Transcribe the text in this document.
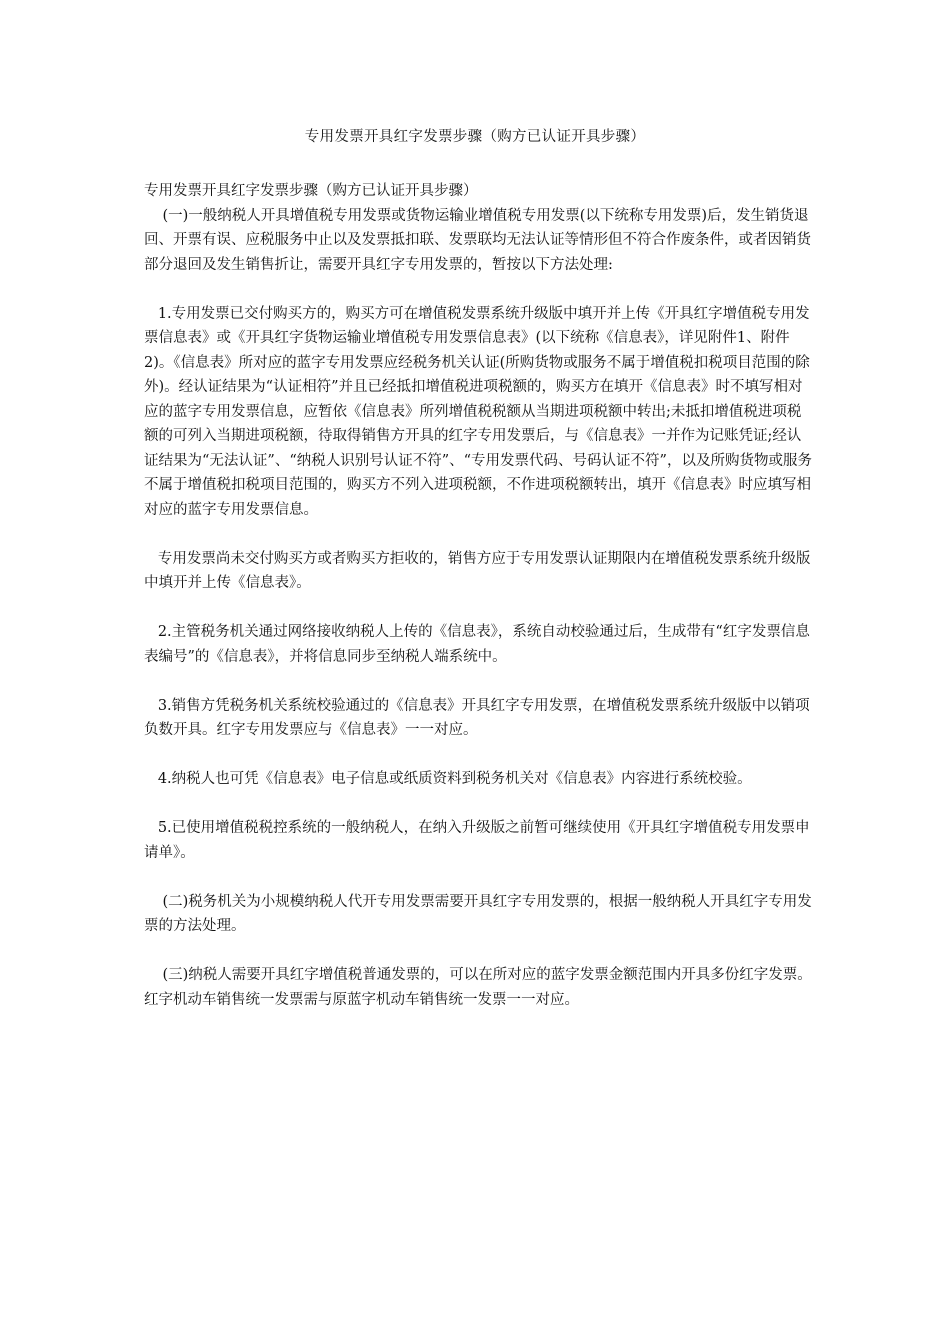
专用发票开具红字发票步骤（购方已认证开具步骤）

专用发票开具红字发票步骤（购方已认证开具步骤）

(一)一般纳税人开具增值税专用发票或货物运输业增值税专用发票(以下统称专用发票)后，发生销货退回、开票有误、应税服务中止以及发票抵扣联、发票联均无法认证等情形但不符合作废条件，或者因销货部分退回及发生销售折让，需要开具红字专用发票的，暂按以下方法处理:

1.专用发票已交付购买方的，购买方可在增值税发票系统升级版中填开并上传《开具红字增值税专用发票信息表》或《开具红字货物运输业增值税专用发票信息表》(以下统称《信息表》，详见附件1、附件2)。《信息表》所对应的蓝字专用发票应经税务机关认证(所购货物或服务不属于增值税扣税项目范围的除外)。经认证结果为“认证相符”并且已经抵扣增值税进项税额的，购买方在填开《信息表》时不填写相对应的蓝字专用发票信息，应暂依《信息表》所列增值税税额从当期进项税额中转出;未抵扣增值税进项税额的可列入当期进项税额，待取得销售方开具的红字专用发票后，与《信息表》一并作为记账凭证;经认证结果为“无法认证”、“纳税人识别号认证不符”、“专用发票代码、号码认证不符”，以及所购货物或服务不属于增值税扣税项目范围的，购买方不列入进项税额，不作进项税额转出，填开《信息表》时应填写相对应的蓝字专用发票信息。

专用发票尚未交付购买方或者购买方拒收的，销售方应于专用发票认证期限内在增值税发票系统升级版中填开并上传《信息表》。

2.主管税务机关通过网络接收纳税人上传的《信息表》，系统自动校验通过后，生成带有“红字发票信息表编号”的《信息表》，并将信息同步至纳税人端系统中。

3.销售方凭税务机关系统校验通过的《信息表》开具红字专用发票，在增值税发票系统升级版中以销项负数开具。红字专用发票应与《信息表》一一对应。

4.纳税人也可凭《信息表》电子信息或纸质资料到税务机关对《信息表》内容进行系统校验。

5.已使用增值税税控系统的一般纳税人，在纳入升级版之前暂可继续使用《开具红字增值税专用发票申请单》。

(二)税务机关为小规模纳税人代开专用发票需要开具红字专用发票的，根据一般纳税人开具红字专用发票的方法处理。

(三)纳税人需要开具红字增值税普通发票的，可以在所对应的蓝字发票金额范围内开具多份红字发票。红字机动车销售统一发票需与原蓝字机动车销售统一发票一一对应。
